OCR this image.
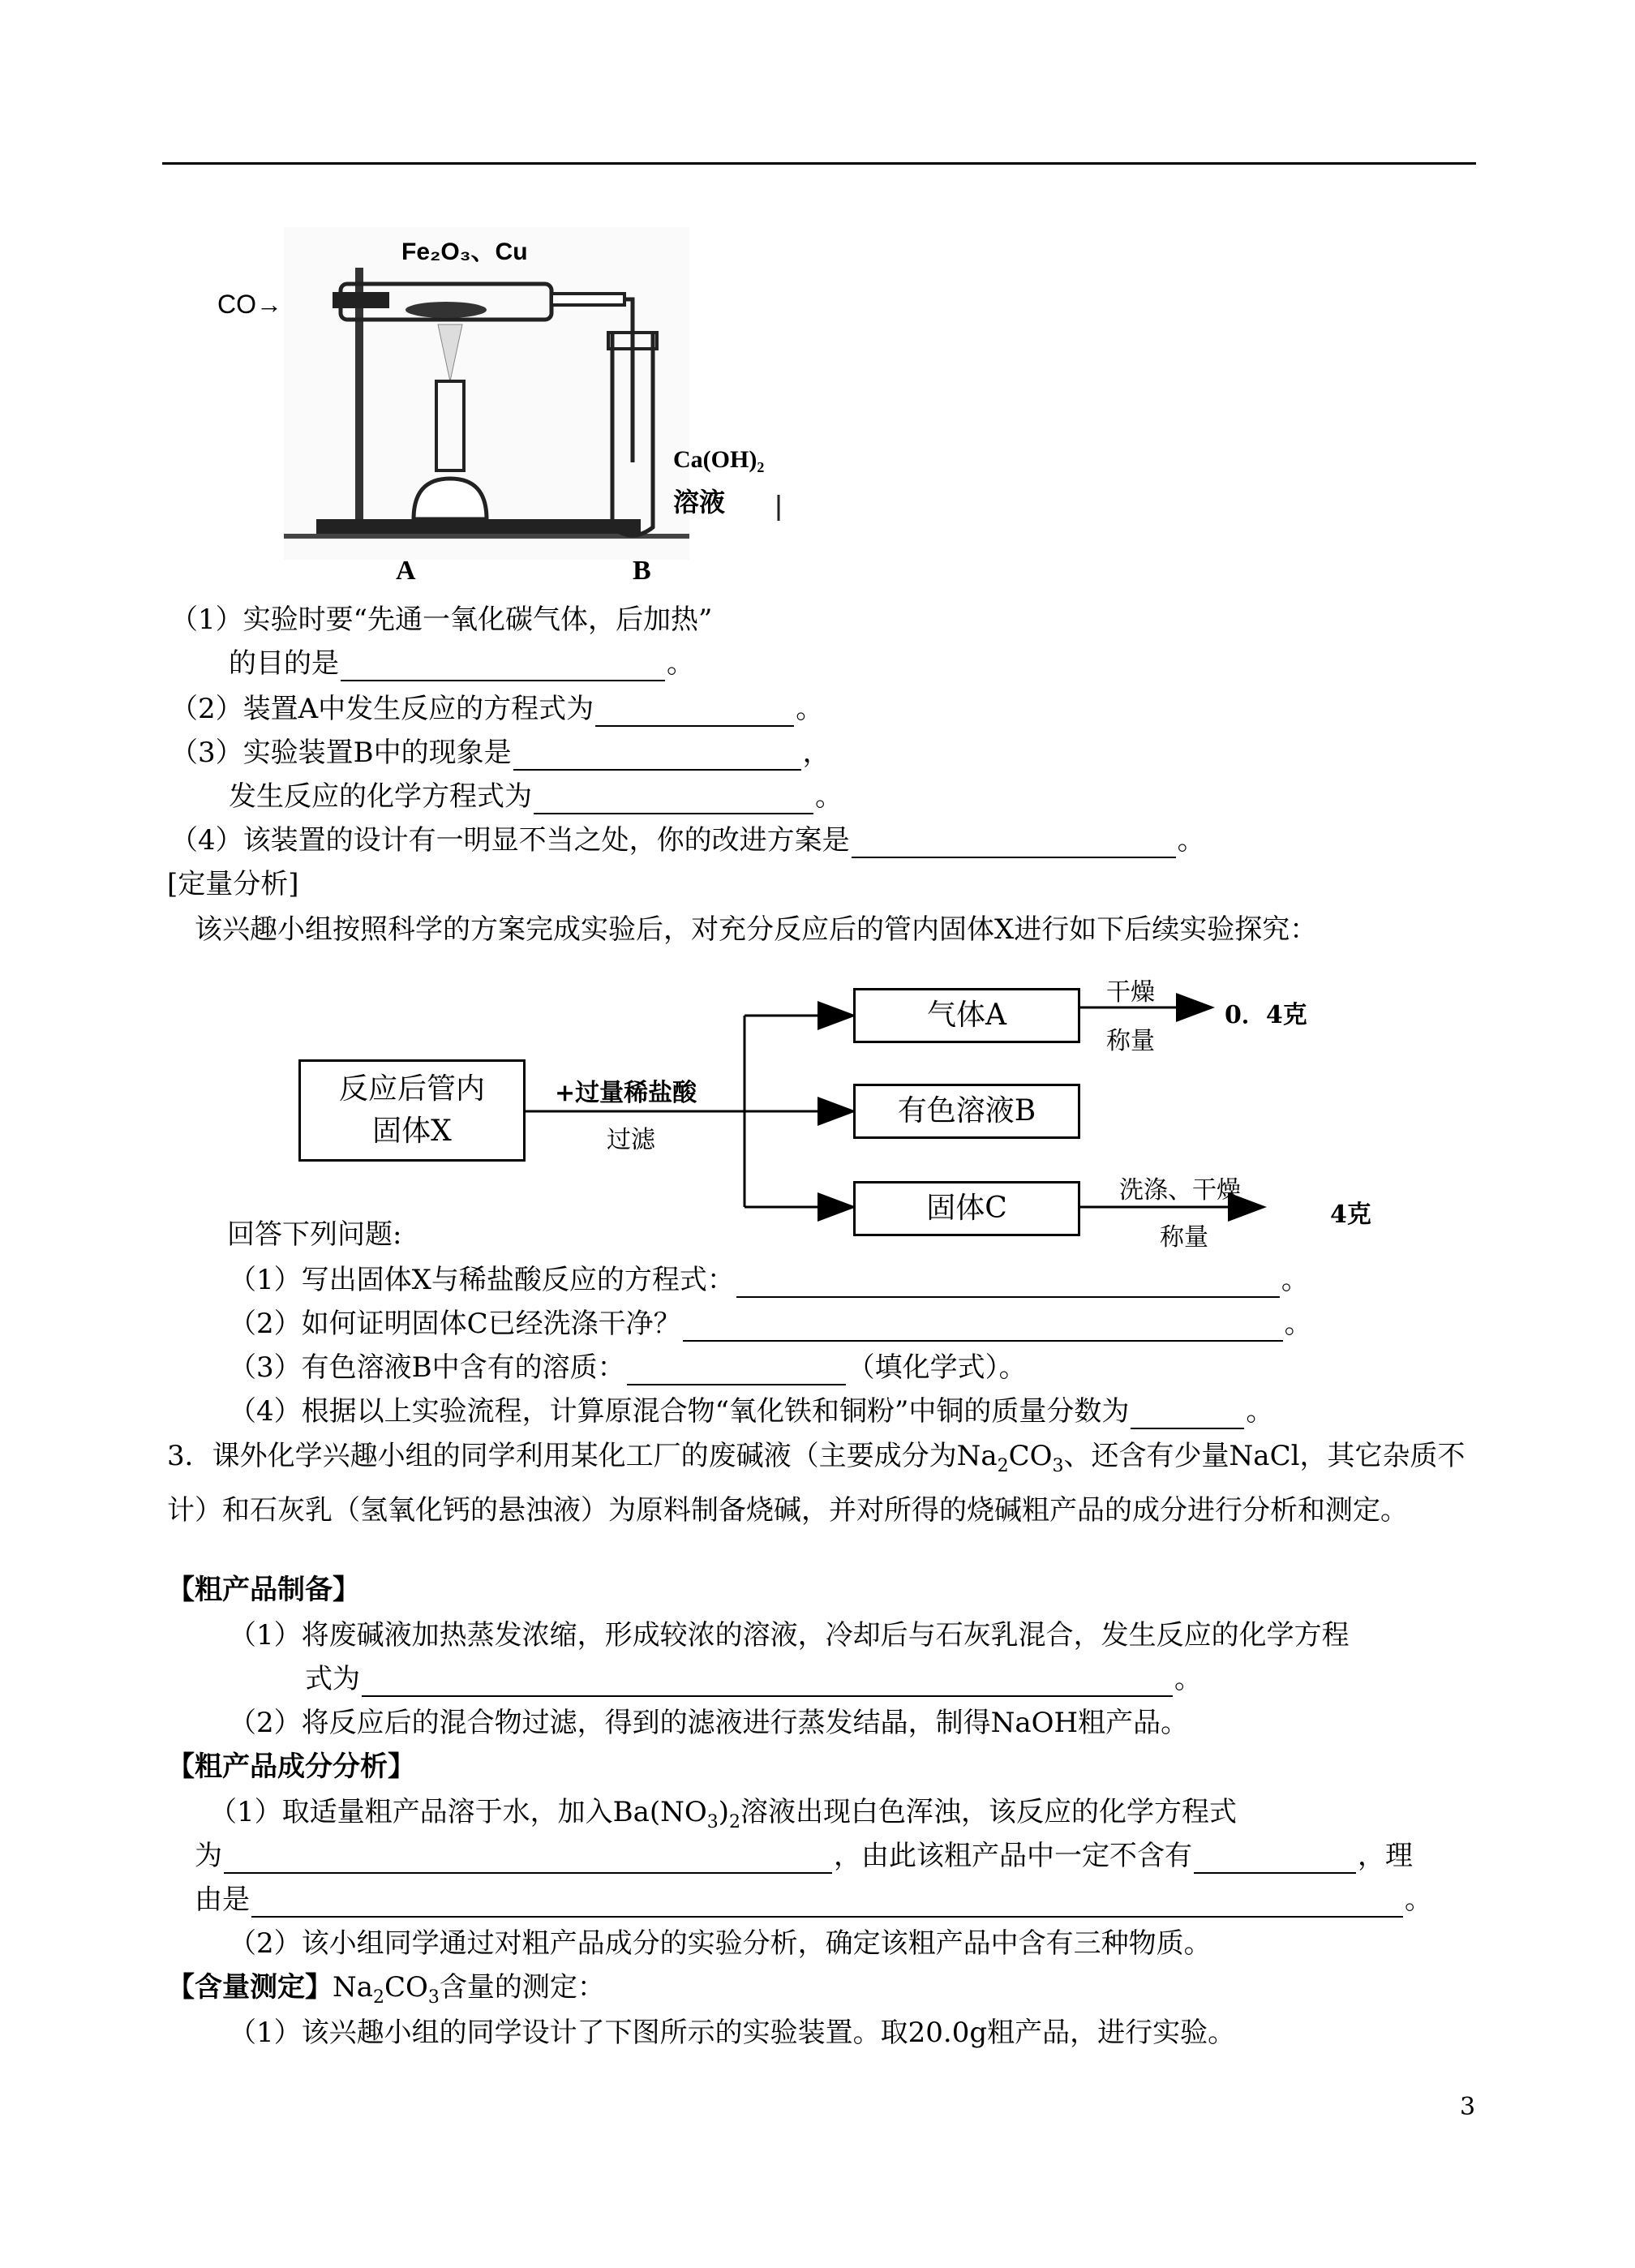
Fe₂O₃、Cu
CO→
Ca(OH)₂
溶液
A	B
（1）实验时要“先通一氧化碳气体，后加热”
的目的是	。
（2）装置A中发生反应的方程式为	。
（3）实验装置B中的现象是	，
发生反应的化学方程式为	。
（4）该装置的设计有一明显不当之处，你的改进方案是	。
[定量分析]
该兴趣小组按照科学的方案完成实验后，对充分反应后的管内固体X进行如下后续实验探究：
反应后管内
固体X
+过量稀盐酸
过滤
气体A
干燥
称量
0．4克
有色溶液B
固体C
洗涤、干燥
称量
4克
回答下列问题:
（1）写出固体X与稀盐酸反应的方程式：	。
（2）如何证明固体C已经洗涤干净？	。
（3）有色溶液B中含有的溶质：	（填化学式）。
（4）根据以上实验流程，计算原混合物“氧化铁和铜粉”中铜的质量分数为	。
3．课外化学兴趣小组的同学利用某化工厂的废碱液（主要成分为$Na_2CO_3$、还含有少量NaCl，其它杂质不计）和石灰乳（氢氧化钙的悬浊液）为原料制备烧碱，并对所得的烧碱粗产品的成分进行分析和测定。
【粗产品制备】
（1）将废碱液加热蒸发浓缩，形成较浓的溶液，冷却后与石灰乳混合，发生反应的化学方程
式为	。
（2）将反应后的混合物过滤，得到的滤液进行蒸发结晶，制得NaOH粗产品。
【粗产品成分分析】
（1）取适量粗产品溶于水，加入$Ba(NO_3)_2$溶液出现白色浑浊，该反应的化学方程式
为	，由此该粗产品中一定不含有	，理
由是	。
（2）该小组同学通过对粗产品成分的实验分析，确定该粗产品中含有三种物质。
【含量测定】$Na_2CO_3$含量的测定：
（1）该兴趣小组的同学设计了下图所示的实验装置。取20.0g粗产品，进行实验。
3
